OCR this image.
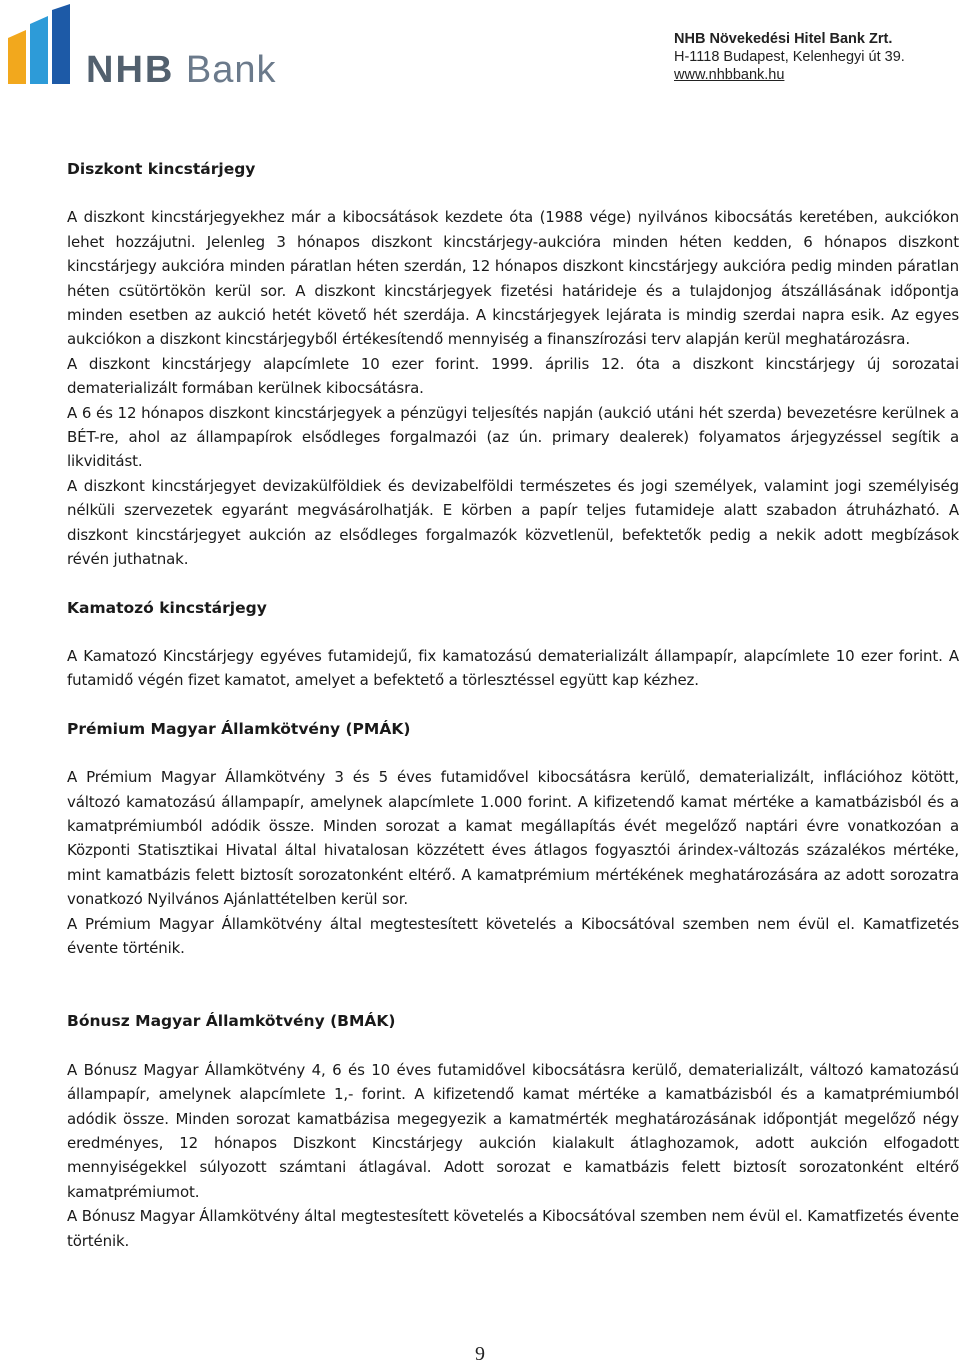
NHB Bank
NHB Növekedési Hitel Bank Zrt.
H-1118 Budapest, Kelenhegyi út 39.
www.nhbbank.hu
Diszkont kincstárjegy

A diszkont kincstárjegyekhez már a kibocsátások kezdete óta (1988 vége) nyilvános kibocsátás keretében, aukciókon lehet hozzájutni. Jelenleg 3 hónapos diszkont kincstárjegy-aukcióra minden héten kedden, 6 hónapos diszkont kincstárjegy aukcióra minden páratlan héten szerdán, 12 hónapos diszkont kincstárjegy aukcióra pedig minden páratlan héten csütörtökön kerül sor. A diszkont kincstárjegyek fizetési határideje és a tulajdonjog átszállásának időpontja minden esetben az aukció hetét követő hét szerdája. A kincstárjegyek lejárata is mindig szerdai napra esik. Az egyes aukciókon a diszkont kincstárjegyből értékesítendő mennyiség a finanszírozási terv alapján kerül meghatározásra.

A diszkont kincstárjegy alapcímlete 10 ezer forint. 1999. április 12. óta a diszkont kincstárjegy új sorozatai dematerializált formában kerülnek kibocsátásra.

A 6 és 12 hónapos diszkont kincstárjegyek a pénzügyi teljesítés napján (aukció utáni hét szerda) bevezetésre kerülnek a BÉT-re, ahol az állampapírok elsődleges forgalmazói (az ún. primary dealerek) folyamatos árjegyzéssel segítik a likviditást.

A diszkont kincstárjegyet devizakülföldiek és devizabelföldi természetes és jogi személyek, valamint jogi személyiség nélküli szervezetek egyaránt megvásárolhatják. E körben a papír teljes futamideje alatt szabadon átruházható. A diszkont kincstárjegyet aukción az elsődleges forgalmazók közvetlenül, befektetők pedig a nekik adott megbízások révén juthatnak.

Kamatozó kincstárjegy

A Kamatozó Kincstárjegy egyéves futamidejű, fix kamatozású dematerializált állampapír, alapcímlete 10 ezer forint. A futamidő végén fizet kamatot, amelyet a befektető a törlesztéssel együtt kap kézhez.

Prémium Magyar Államkötvény (PMÁK)

A Prémium Magyar Államkötvény 3 és 5 éves futamidővel kibocsátásra kerülő, dematerializált, inflációhoz kötött, változó kamatozású állampapír, amelynek alapcímlete 1.000 forint. A kifizetendő kamat mértéke a kamatbázisból és a kamatprémiumból adódik össze. Minden sorozat a kamat megállapítás évét megelőző naptári évre vonatkozóan a Központi Statisztikai Hivatal által hivatalosan közzétett éves átlagos fogyasztói árindex-változás százalékos mértéke, mint kamatbázis felett biztosít sorozatonként eltérő. A kamatprémium mértékének meghatározására az adott sorozatra vonatkozó Nyilvános Ajánlattételben kerül sor.

A Prémium Magyar Államkötvény által megtestesített követelés a Kibocsátóval szemben nem évül el. Kamatfizetés évente történik.

Bónusz Magyar Államkötvény (BMÁK)

A Bónusz Magyar Államkötvény 4, 6 és 10 éves futamidővel kibocsátásra kerülő, dematerializált, változó kamatozású állampapír, amelynek alapcímlete 1,- forint. A kifizetendő kamat mértéke a kamatbázisból és a kamatprémiumból adódik össze. Minden sorozat kamatbázisa megegyezik a kamatmérték meghatározásának időpontját megelőző négy eredményes, 12 hónapos Diszkont Kincstárjegy aukción kialakult átlaghozamok, adott aukción elfogadott mennyiségekkel súlyozott számtani átlagával. Adott sorozat e kamatbázis felett biztosít sorozatonként eltérő kamatprémiumot.

A Bónusz Magyar Államkötvény által megtestesített követelés a Kibocsátóval szemben nem évül el. Kamatfizetés évente történik.

9
